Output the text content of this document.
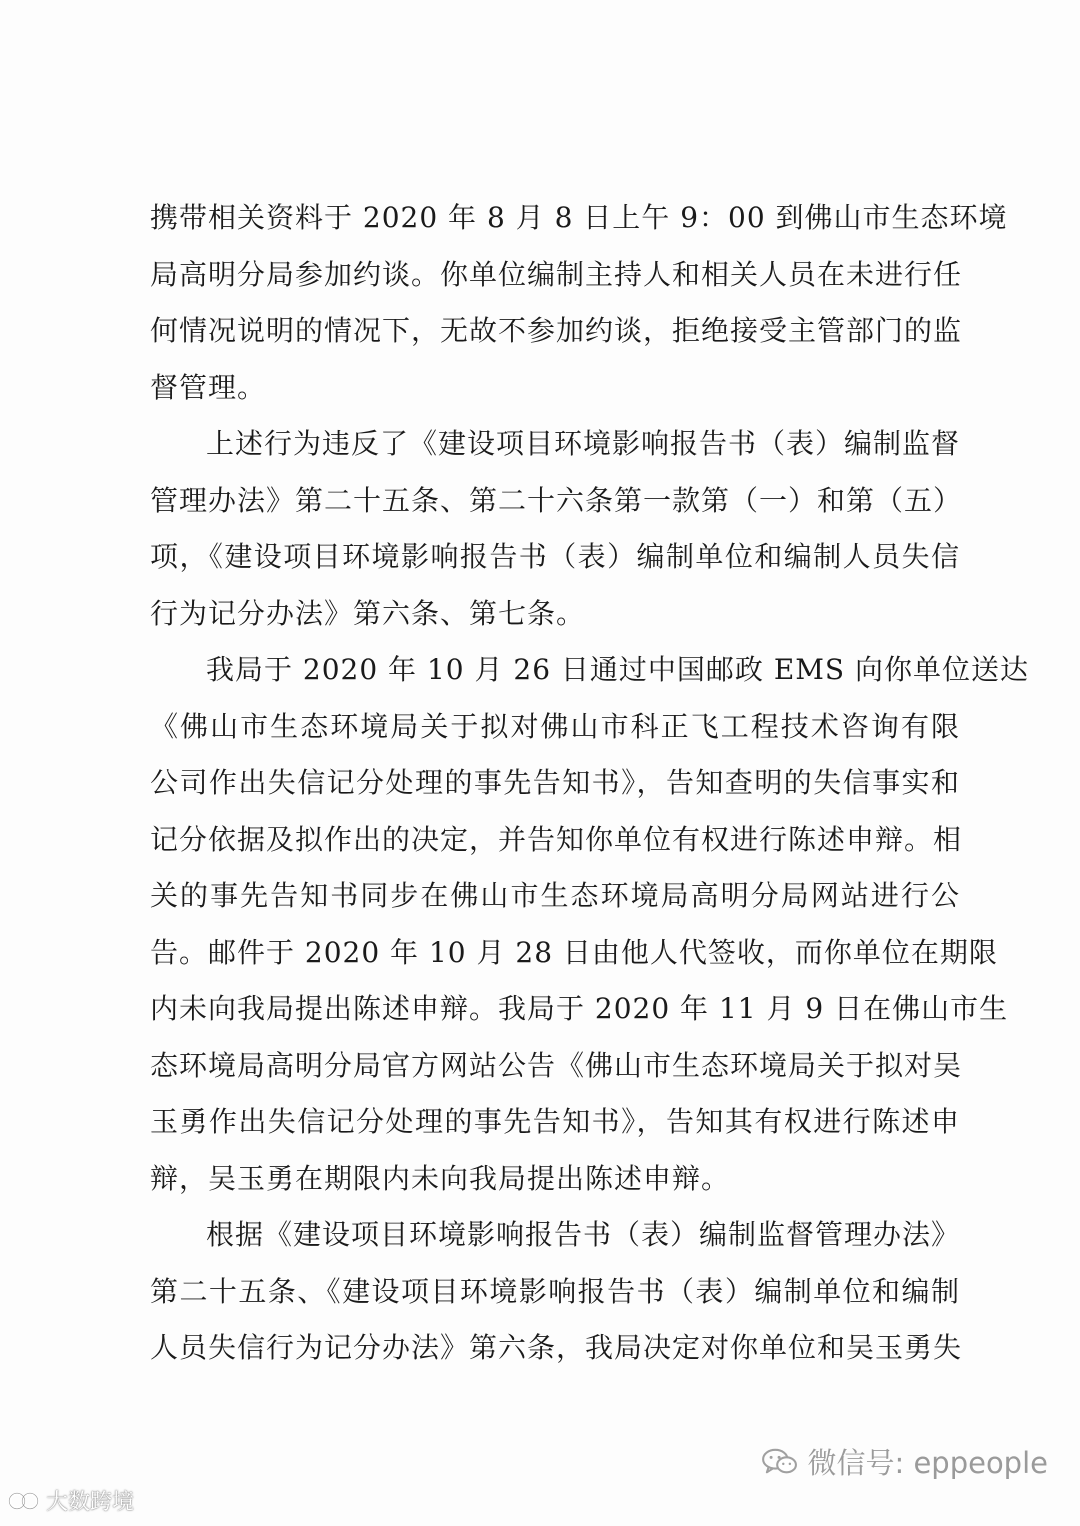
携带相关资料于 2020 年 8 月 8 日上午 9：00 到佛山市生态环境
局高明分局参加约谈。你单位编制主持人和相关人员在未进行任
何情况说明的情况下，无故不参加约谈，拒绝接受主管部门的监
督管理。
上述行为违反了《建设项目环境影响报告书（表）编制监督
管理办法》第二十五条、第二十六条第一款第（一）和第（五）
项，《建设项目环境影响报告书（表）编制单位和编制人员失信
行为记分办法》第六条、第七条。
我局于 2020 年 10 月 26 日通过中国邮政 EMS 向你单位送达
《佛山市生态环境局关于拟对佛山市科正飞工程技术咨询有限
公司作出失信记分处理的事先告知书》，告知查明的失信事实和
记分依据及拟作出的决定，并告知你单位有权进行陈述申辩。相
关的事先告知书同步在佛山市生态环境局高明分局网站进行公
告。邮件于 2020 年 10 月 28 日由他人代签收，而你单位在期限
内未向我局提出陈述申辩。我局于 2020 年 11 月 9 日在佛山市生
态环境局高明分局官方网站公告《佛山市生态环境局关于拟对吴
玉勇作出失信记分处理的事先告知书》，告知其有权进行陈述申
辩，吴玉勇在期限内未向我局提出陈述申辩。
根据《建设项目环境影响报告书（表）编制监督管理办法》
第二十五条、《建设项目环境影响报告书（表）编制单位和编制
人员失信行为记分办法》第六条，我局决定对你单位和吴玉勇失
微信号: eppeople
大数跨境
